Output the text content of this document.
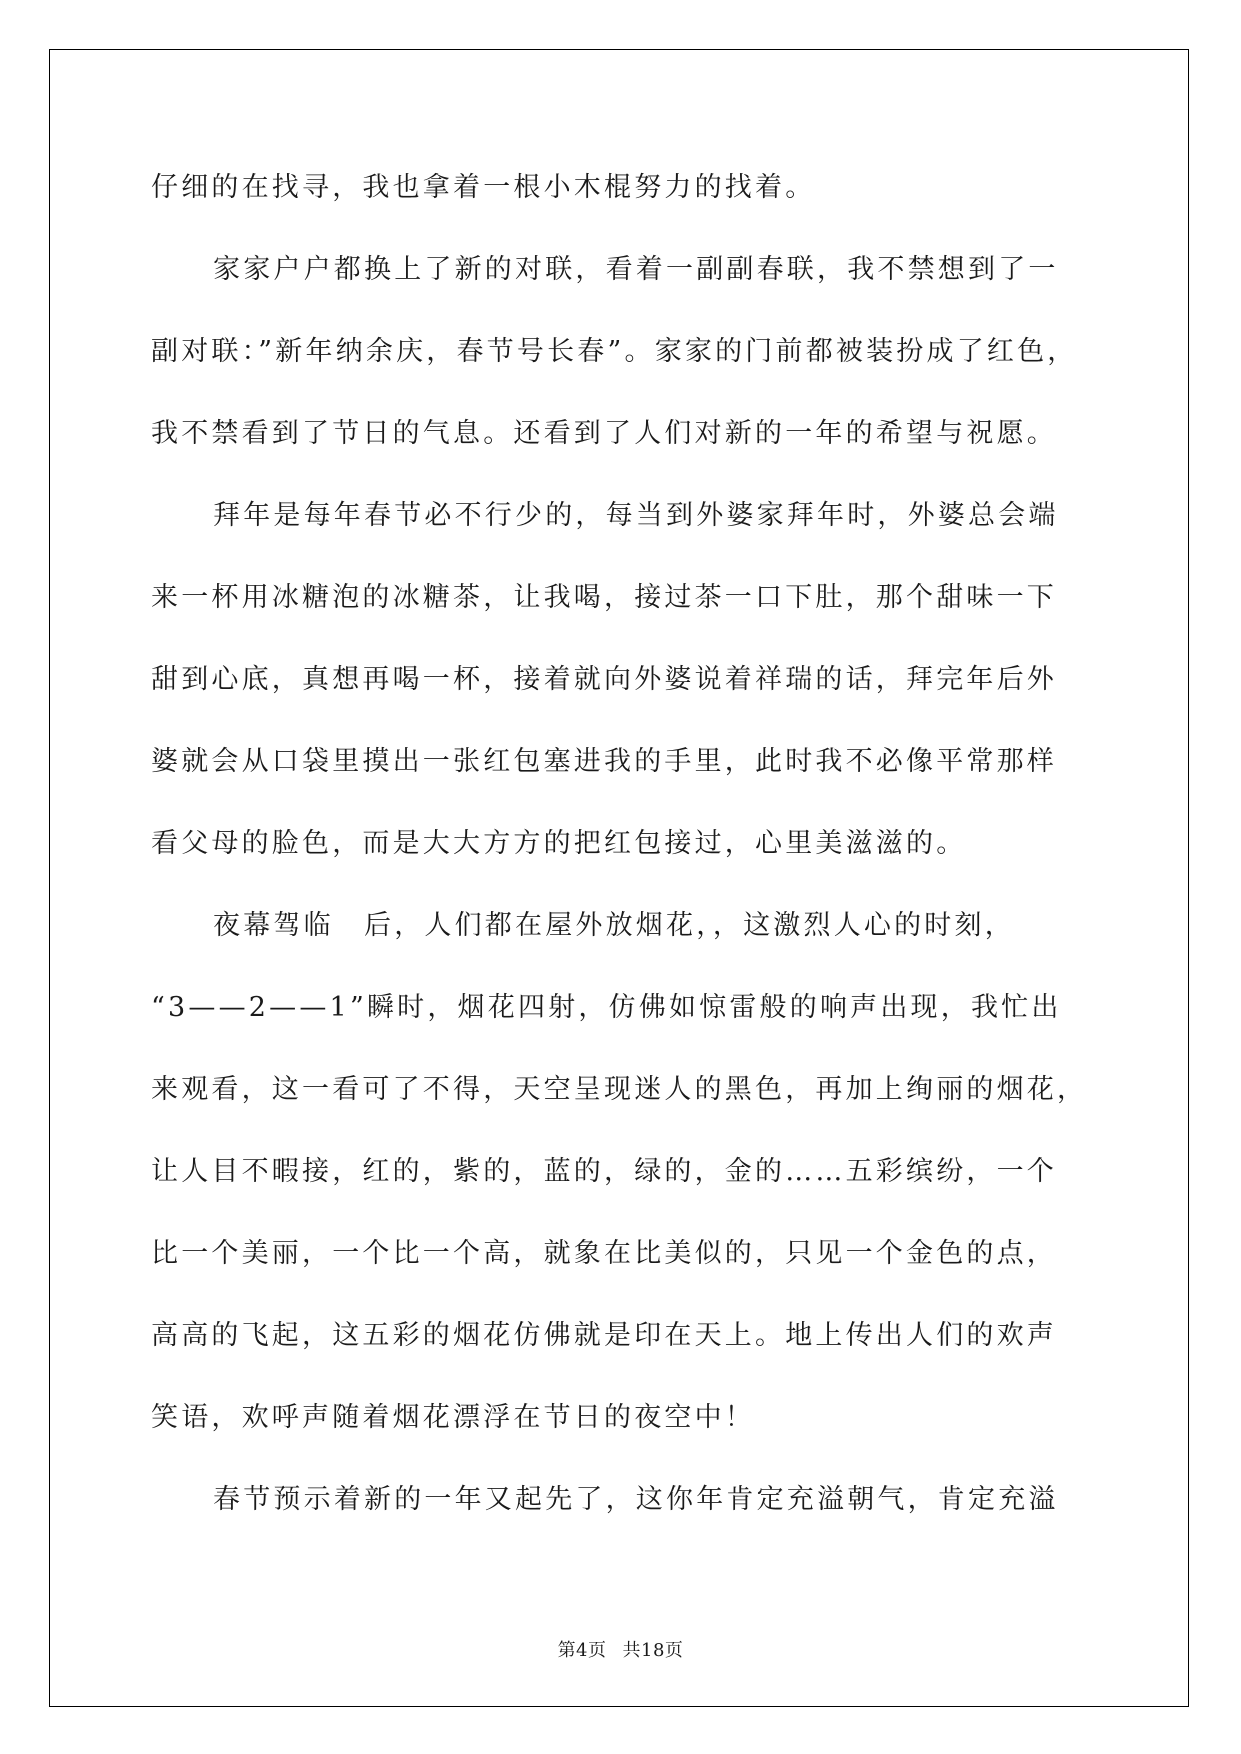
仔细的在找寻，我也拿着一根小木棍努力的找着。
家家户户都换上了新的对联，看着一副副春联，我不禁想到了一
副对联：”新年纳余庆，春节号长春”。家家的门前都被装扮成了红色，
我不禁看到了节日的气息。还看到了人们对新的一年的希望与祝愿。
拜年是每年春节必不行少的，每当到外婆家拜年时，外婆总会端
来一杯用冰糖泡的冰糖茶，让我喝，接过茶一口下肚，那个甜味一下
甜到心底，真想再喝一杯，接着就向外婆说着祥瑞的话，拜完年后外
婆就会从口袋里摸出一张红包塞进我的手里，此时我不必像平常那样
看父母的脸色，而是大大方方的把红包接过，心里美滋滋的。
夜幕驾临　后，人们都在屋外放烟花，，这激烈人心的时刻，
“3——2——1”瞬时，烟花四射，仿佛如惊雷般的响声出现，我忙出
来观看，这一看可了不得，天空呈现迷人的黑色，再加上绚丽的烟花，
让人目不暇接，红的，紫的，蓝的，绿的，金的……五彩缤纷，一个
比一个美丽，一个比一个高，就象在比美似的，只见一个金色的点，
高高的飞起，这五彩的烟花仿佛就是印在天上。地上传出人们的欢声
笑语，欢呼声随着烟花漂浮在节日的夜空中！
春节预示着新的一年又起先了，这你年肯定充溢朝气，肯定充溢
第4页 共18页
